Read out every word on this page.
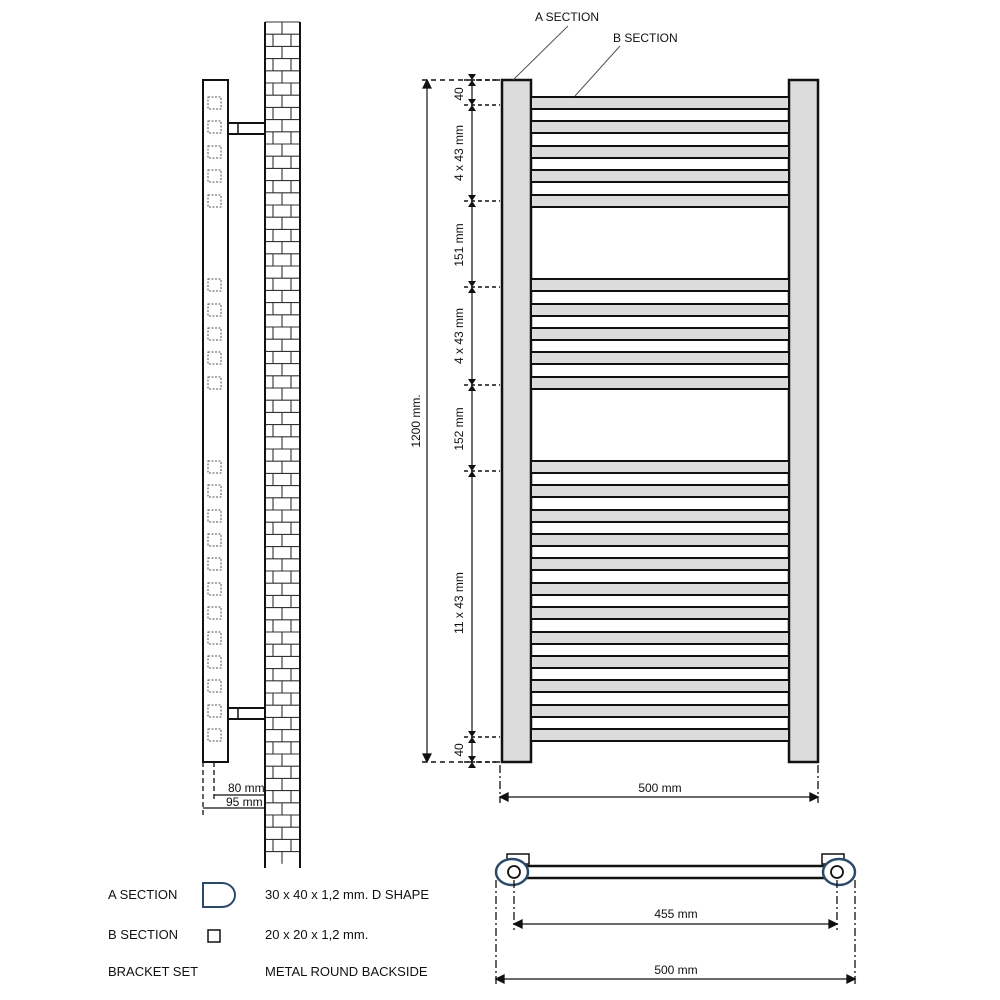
80 mm
95 mm
A SECTION
B SECTION
1200 mm.
40
4 x 43 mm
151 mm
4 x 43 mm
152 mm
11 x 43 mm
40
500 mm
455 mm
500 mm
A SECTION	30 x 40 x 1,2 mm. D SHAPE
B SECTION	20 x 20 x 1,2 mm.
BRACKET SET	METAL ROUND BACKSIDE
